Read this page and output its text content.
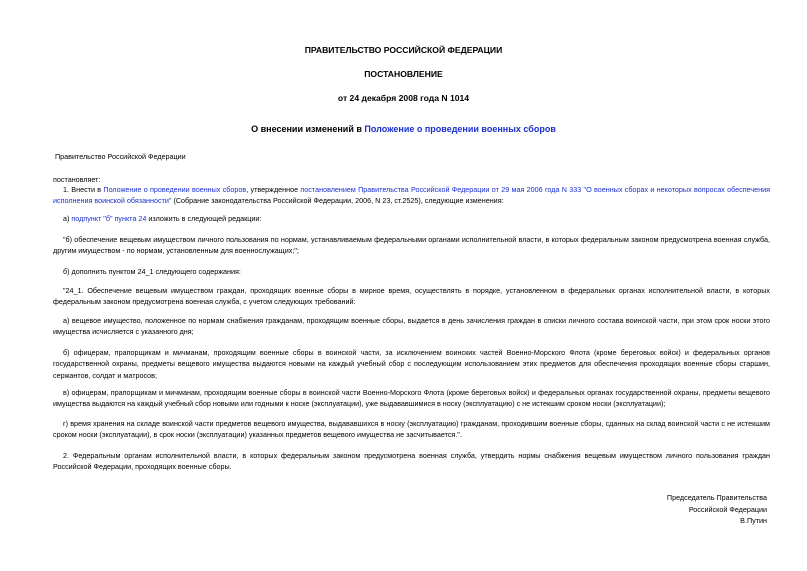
ПРАВИТЕЛЬСТВО РОССИЙСКОЙ ФЕДЕРАЦИИ
ПОСТАНОВЛЕНИЕ
от 24 декабря 2008 года N 1014
О внесении изменений в Положение о проведении военных сборов
Правительство Российской Федерации
постановляет:
1. Внести в Положение о проведении военных сборов, утвержденное постановлением Правительства Российской Федерации от 29 мая 2006 года N 333 "О военных сборах и некоторых вопросах обеспечения исполнения воинской обязанности" (Собрание законодательства Российской Федерации, 2006, N 23, ст.2525), следующие изменения:
а) подпункт "б" пункта 24 изложить в следующей редакции:
"б) обеспечение вещевым имуществом личного пользования по нормам, устанавливаемым федеральными органами исполнительной власти, в которых федеральным законом предусмотрена военная служба, другим имуществом - по нормам, установленным для военнослужащих;";
б) дополнить пунктом 24_1 следующего содержания:
"24_1. Обеспечение вещевым имуществом граждан, проходящих военные сборы в мирное время, осуществлять в порядке, установленном в федеральных органах исполнительной власти, в которых федеральным законом предусмотрена военная служба, с учетом следующих требований:
а) вещевое имущество, положенное по нормам снабжения гражданам, проходящим военные сборы, выдается в день зачисления граждан в списки личного состава воинской части, при этом срок носки этого имущества исчисляется с указанного дня;
б) офицерам, прапорщикам и мичманам, проходящим военные сборы в воинской части, за исключением воинских частей Военно-Морского Флота (кроме береговых войск) и федеральных органов государственной охраны, предметы вещевого имущества выдаются новыми на каждый учебный сбор с последующим использованием этих предметов для обеспечения проходящих военные сборы старшин, сержантов, солдат и матросов;
в) офицерам, прапорщикам и мичманам, проходящим военные сборы в воинской части Военно-Морского Флота (кроме береговых войск) и федеральных органах государственной охраны, предметы вещевого имущества выдаются на каждый учебный сбор новыми или годными к носке (эксплуатации), уже выдававшимися в носку (эксплуатацию) с не истекшим сроком носки (эксплуатации);
г) время хранения на складе воинской части предметов вещевого имущества, выдававшихся в носку (эксплуатацию) гражданам, проходившим военные сборы, сданных на склад воинской части с не истекшим сроком носки (эксплуатации), в срок носки (эксплуатации) указанных предметов вещевого имущества не засчитывается.".
2. Федеральным органам исполнительной власти, в которых федеральным законом предусмотрена военная служба, утвердить нормы снабжения вещевым имуществом личного пользования граждан Российской Федерации, проходящих военные сборы.
Председатель Правительства
Российской Федерации
В.Путин
